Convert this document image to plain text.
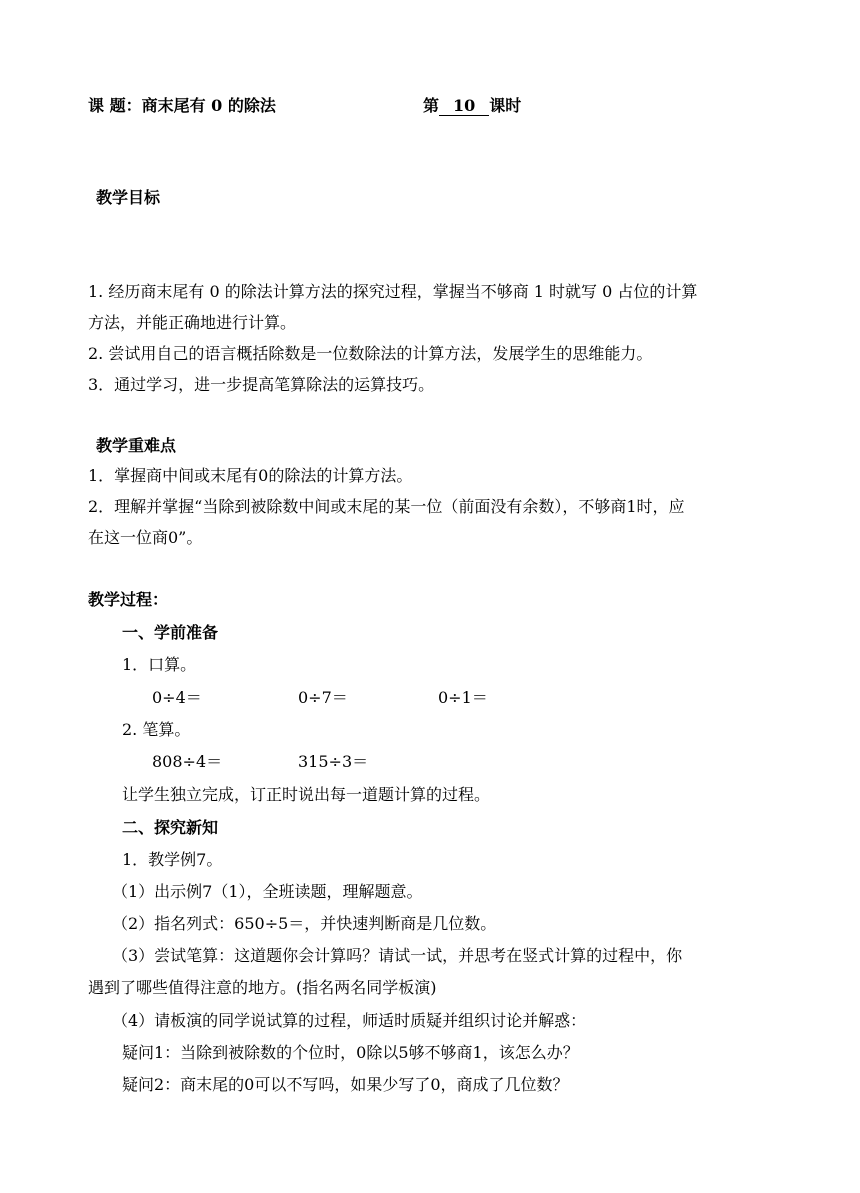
课 题：商末尾有 0 的除法	第 10 课时
教学目标
1. 经历商末尾有 0 的除法计算方法的探究过程，掌握当不够商 1 时就写 0 占位的计算
方法，并能正确地进行计算。
2. 尝试用自己的语言概括除数是一位数除法的计算方法，发展学生的思维能力。
3．通过学习，进一步提高笔算除法的运算技巧。
教学重难点
1．掌握商中间或末尾有0的除法的计算方法。
2．理解并掌握“当除到被除数中间或末尾的某一位（前面没有余数），不够商1时，应
在这一位商0”。
教学过程：
一、学前准备
1．口算。
0÷4＝	0÷7＝	0÷1＝
2. 笔算。
808÷4＝	315÷3＝
让学生独立完成，订正时说出每一道题计算的过程。
二、探究新知
1．教学例7。
（1）出示例7（1），全班读题，理解题意。
（2）指名列式：650÷5＝，并快速判断商是几位数。
（3）尝试笔算：这道题你会计算吗？请试一试，并思考在竖式计算的过程中，你
遇到了哪些值得注意的地方。(指名两名同学板演)
（4）请板演的同学说试算的过程，师适时质疑并组织讨论并解惑：
疑问1：当除到被除数的个位时，0除以5够不够商1，该怎么办？
疑问2：商末尾的0可以不写吗，如果少写了0，商成了几位数？
